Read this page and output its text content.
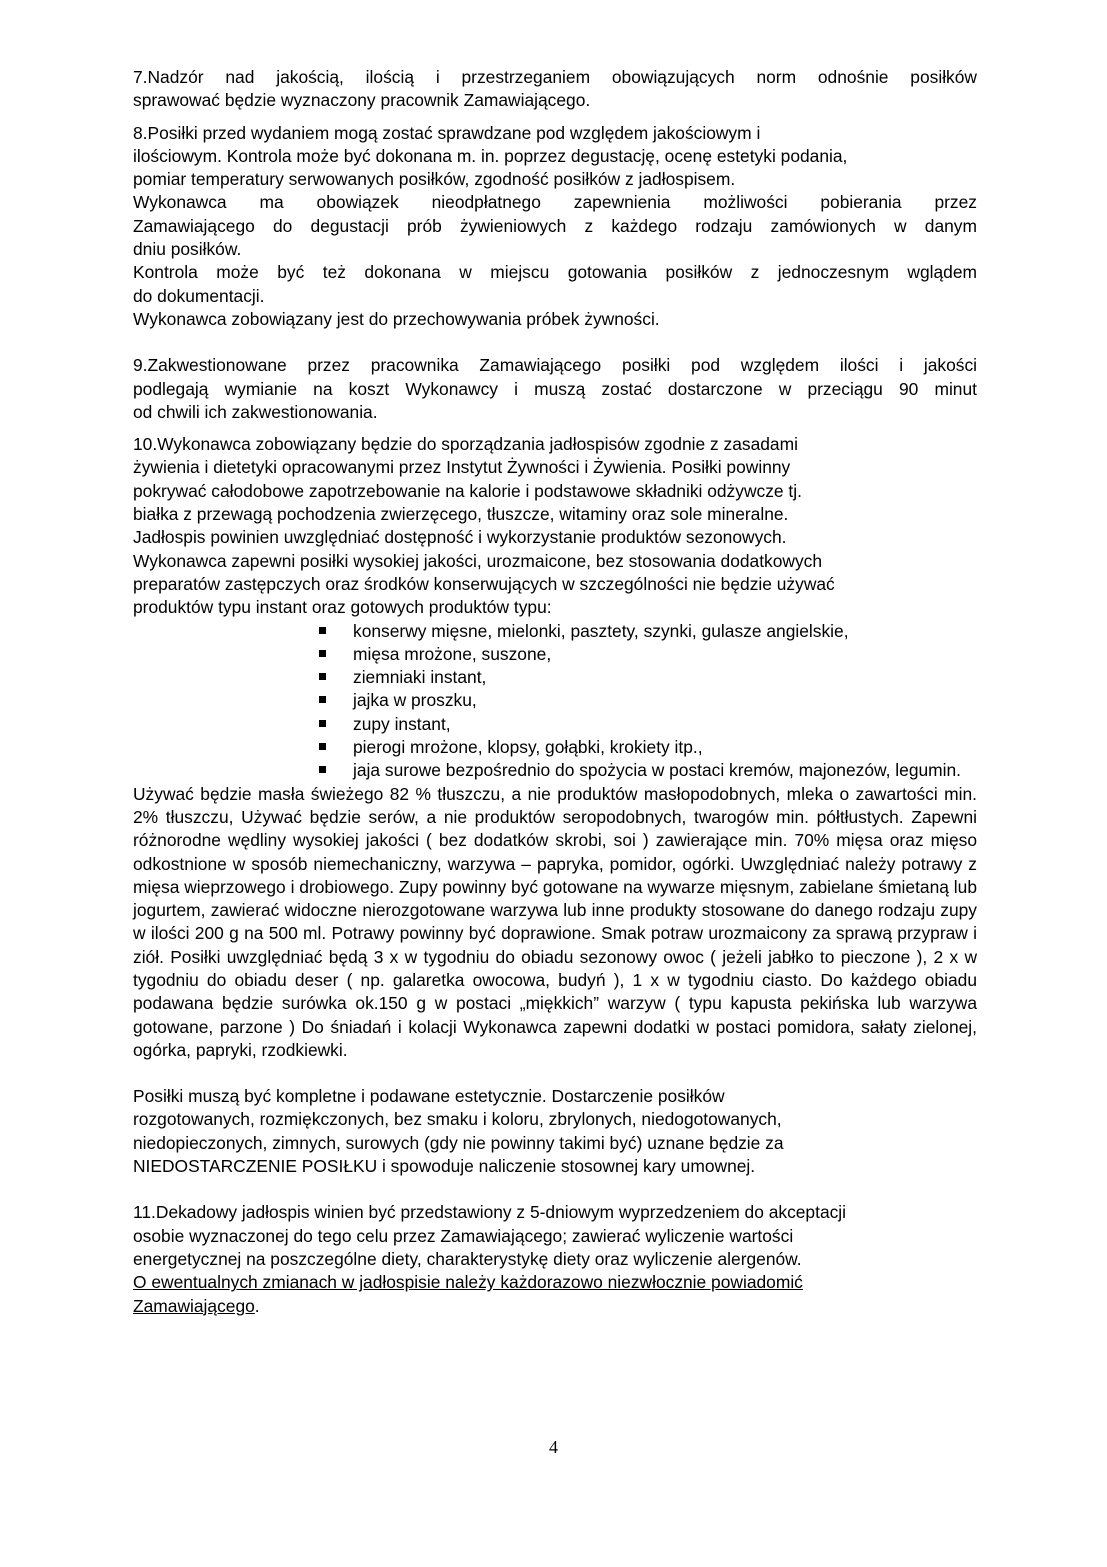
7.Nadzór nad jakością, ilością i przestrzeganiem obowiązujących norm odnośnie posiłków

sprawować będzie wyznaczony pracownik Zamawiającego.

8.Posiłki przed wydaniem mogą zostać sprawdzane pod względem jakościowym i

ilościowym. Kontrola może być dokonana m. in. poprzez degustację, ocenę estetyki podania,

pomiar temperatury serwowanych posiłków, zgodność posiłków z jadłospisem.

Wykonawca ma obowiązek nieodpłatnego zapewnienia możliwości pobierania przez

Zamawiającego do degustacji prób żywieniowych z każdego rodzaju zamówionych w danym

dniu posiłków.

Kontrola może być też dokonana w miejscu gotowania posiłków z jednoczesnym wglądem

do dokumentacji.

Wykonawca zobowiązany jest do przechowywania próbek żywności.

9.Zakwestionowane przez pracownika Zamawiającego posiłki pod względem ilości i jakości

podlegają wymianie na koszt Wykonawcy i muszą zostać dostarczone w przeciągu 90 minut

od chwili ich zakwestionowania.

10.Wykonawca zobowiązany będzie do sporządzania jadłospisów zgodnie z zasadami

żywienia i dietetyki opracowanymi przez Instytut Żywności i Żywienia. Posiłki powinny

pokrywać całodobowe zapotrzebowanie na kalorie i podstawowe składniki odżywcze tj.

białka z przewagą pochodzenia zwierzęcego, tłuszcze, witaminy oraz sole mineralne.

Jadłospis powinien uwzględniać dostępność i wykorzystanie produktów sezonowych.

Wykonawca zapewni posiłki wysokiej jakości, urozmaicone, bez stosowania dodatkowych

preparatów zastępczych oraz środków konserwujących w szczególności nie będzie używać

produktów typu instant oraz gotowych produktów typu:

konserwy mięsne, mielonki, pasztety, szynki, gulasze angielskie,
mięsa mrożone, suszone,
ziemniaki instant,
jajka w proszku,
zupy instant,
pierogi mrożone, klopsy, gołąbki, krokiety itp.,
jaja surowe bezpośrednio do spożycia w postaci kremów, majonezów, legumin.

Używać będzie masła świeżego 82 % tłuszczu, a nie produktów masłopodobnych, mleka o zawartości min. 2% tłuszczu, Używać będzie serów, a nie produktów seropodobnych, twarogów min. półtłustych. Zapewni różnorodne wędliny wysokiej jakości ( bez dodatków skrobi, soi ) zawierające min. 70% mięsa oraz mięso odkostnione w sposób niemechaniczny, warzywa – papryka, pomidor, ogórki. Uwzględniać należy potrawy z mięsa wieprzowego i drobiowego. Zupy powinny być gotowane na wywarze mięsnym, zabielane śmietaną lub jogurtem, zawierać widoczne nierozgotowane warzywa lub inne produkty stosowane do danego rodzaju zupy w ilości 200 g na 500 ml. Potrawy powinny być doprawione. Smak potraw urozmaicony za sprawą przypraw i ziół. Posiłki uwzględniać będą 3 x w tygodniu do obiadu sezonowy owoc ( jeżeli jabłko to pieczone ), 2 x w tygodniu do obiadu deser ( np. galaretka owocowa, budyń ), 1 x w tygodniu ciasto. Do każdego obiadu podawana będzie surówka ok.150 g w postaci „miękkich” warzyw ( typu kapusta pekińska lub warzywa gotowane, parzone ) Do śniadań i kolacji Wykonawca zapewni dodatki w postaci pomidora, sałaty zielonej, ogórka, papryki, rzodkiewki.

Posiłki muszą być kompletne i podawane estetycznie. Dostarczenie posiłków

rozgotowanych, rozmiękczonych, bez smaku i koloru, zbrylonych, niedogotowanych,

niedopieczonych, zimnych, surowych (gdy nie powinny takimi być) uznane będzie za

NIEDOSTARCZENIE POSIŁKU i spowoduje naliczenie stosownej kary umownej.

11.Dekadowy jadłospis winien być przedstawiony z 5-dniowym wyprzedzeniem do akceptacji

osobie wyznaczonej do tego celu przez Zamawiającego; zawierać wyliczenie wartości

energetycznej na poszczególne diety, charakterystykę diety oraz wyliczenie alergenów.

O ewentualnych zmianach w jadłospisie należy każdorazowo niezwłocznie powiadomić

Zamawiającego.

4
